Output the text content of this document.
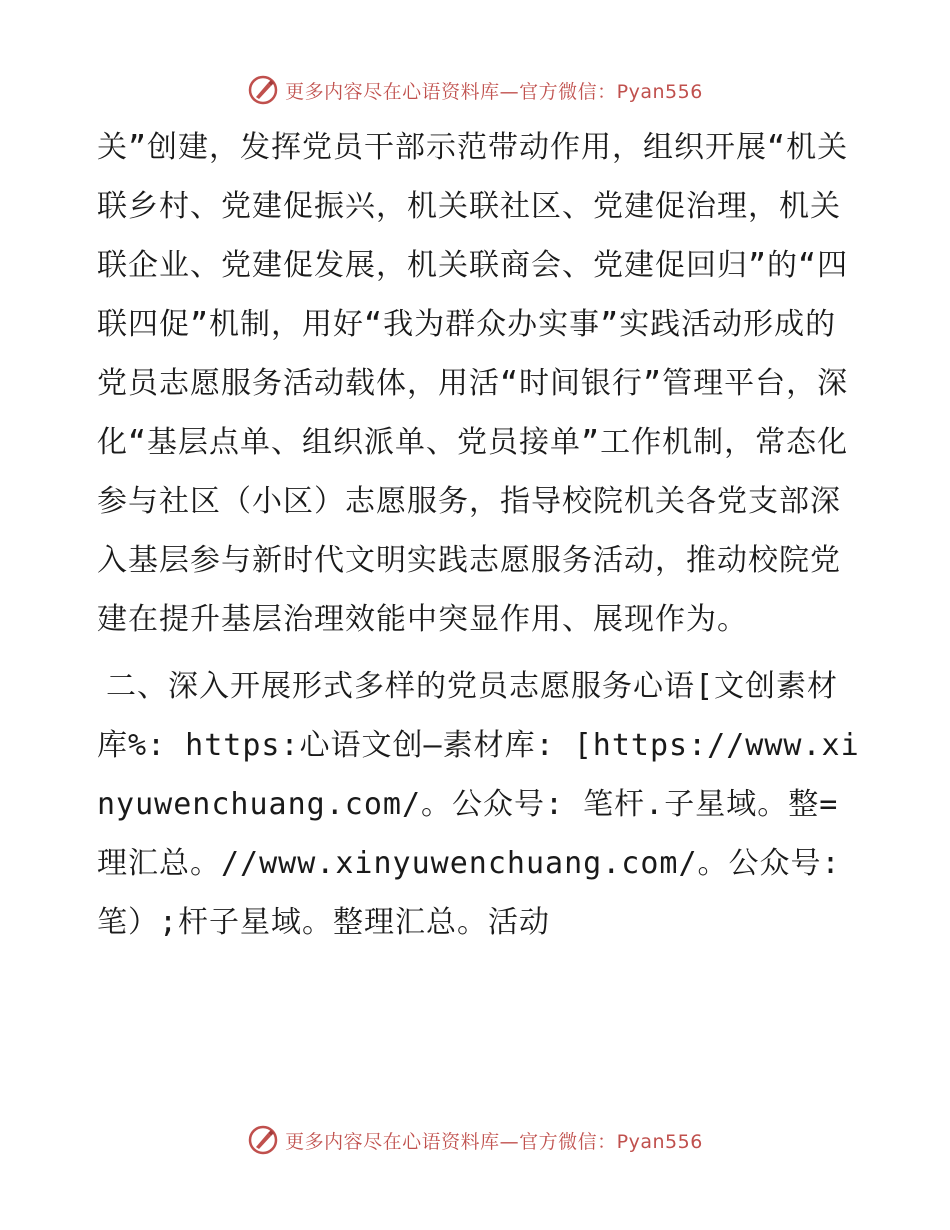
更多内容尽在心语资料库—官方微信：Pyan556

关”创建，发挥党员干部示范带动作用，组织开展“机关联乡村、党建促振兴，机关联社区、党建促治理，机关联企业、党建促发展，机关联商会、党建促回归”的“四联四促”机制，用好“我为群众办实事”实践活动形成的党员志愿服务活动载体，用活“时间银行”管理平台，深化“基层点单、组织派单、党员接单”工作机制，常态化参与社区（小区）志愿服务，指导校院机关各党支部深入基层参与新时代文明实践志愿服务活动，推动校院党建在提升基层治理效能中突显作用、展现作为。

二、深入开展形式多样的党员志愿服务心语[文创素材库%: https:心语文创—素材库: [https://www.xinyuwenchuang.com/。公众号: 笔杆.子星域。整=理汇总。//www.xinyuwenchuang.com/。公众号: 笔）;杆子星域。整理汇总。活动

更多内容尽在心语资料库—官方微信：Pyan556
